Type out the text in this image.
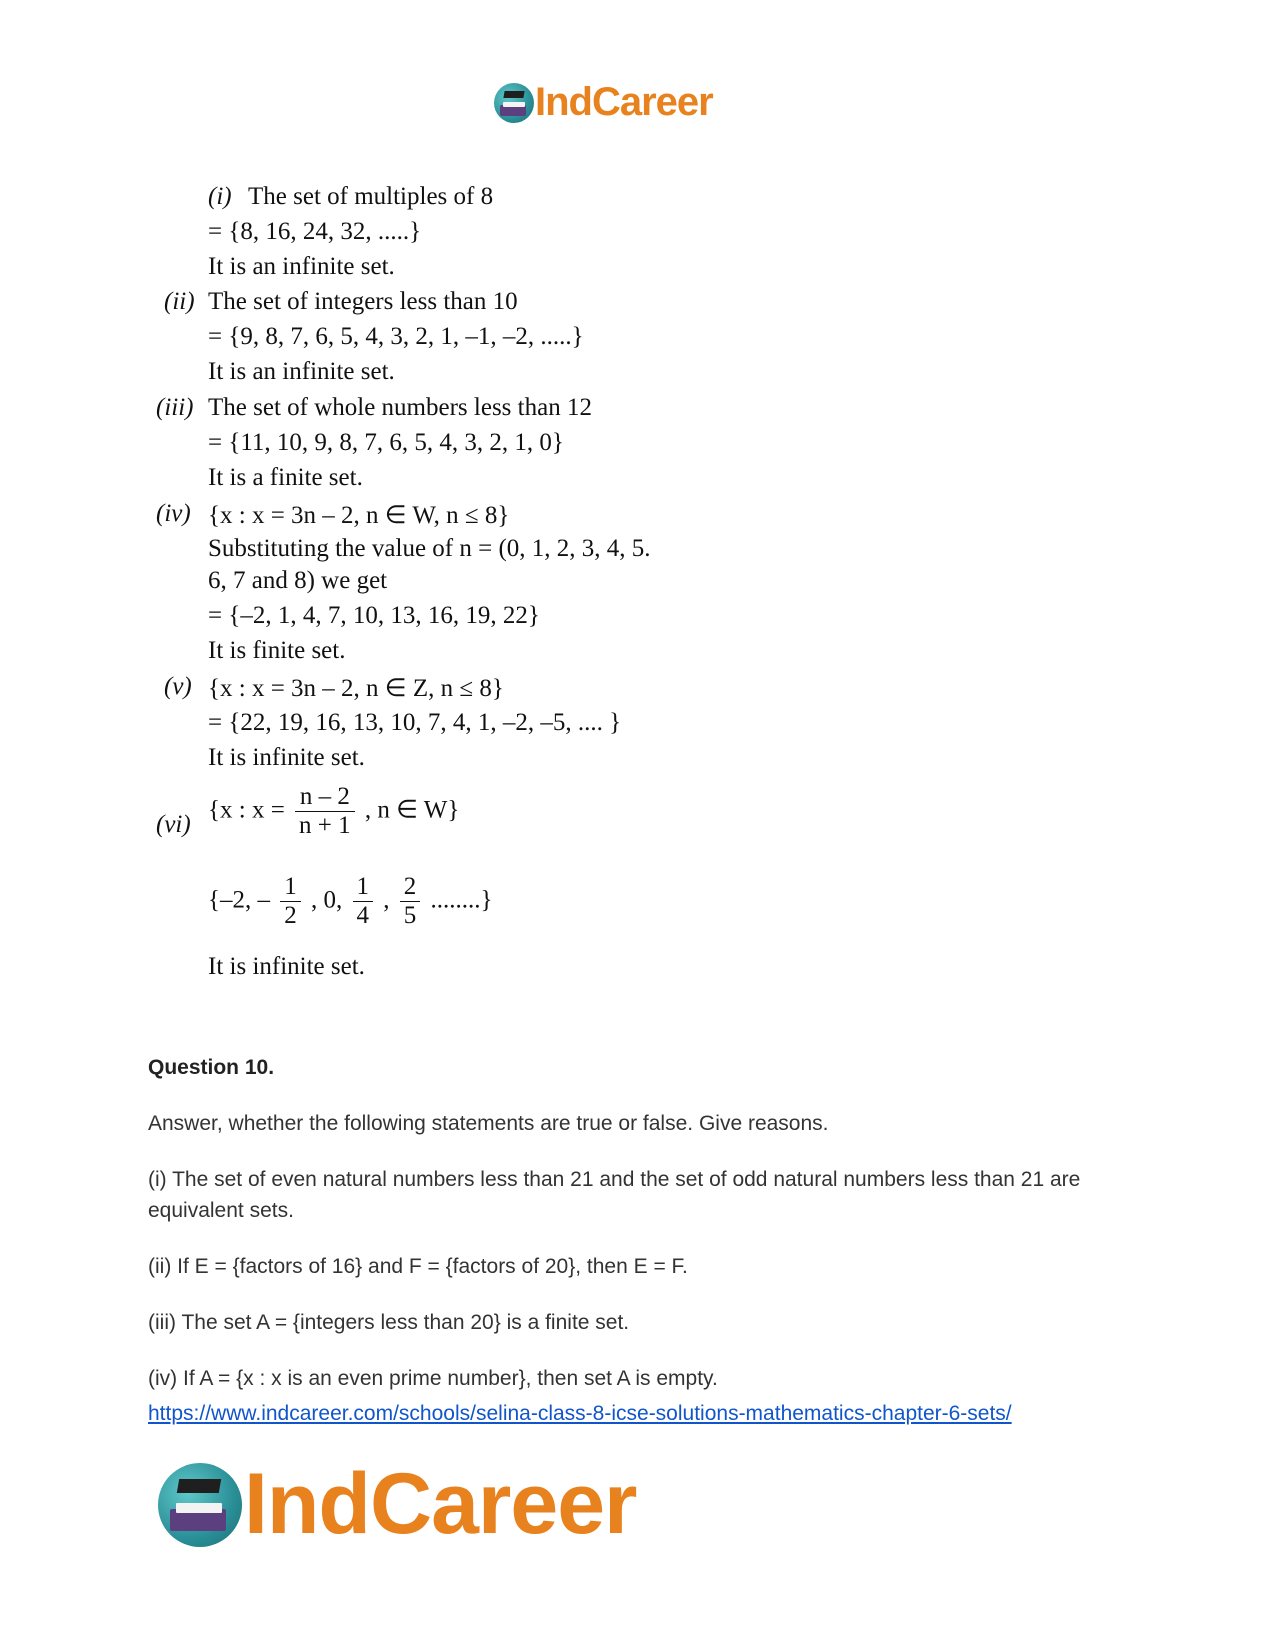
IndCareer
(i) The set of multiples of 8
= {8, 16, 24, 32, .....}
It is an infinite set.
(ii) The set of integers less than 10
= {9, 8, 7, 6, 5, 4, 3, 2, 1, –1, –2, .....}
It is an infinite set.
(iii) The set of whole numbers less than 12
= {11, 10, 9, 8, 7, 6, 5, 4, 3, 2, 1, 0}
It is a finite set.
(iv) {x : x = 3n – 2, n ∈ W, n ≤ 8}
Substituting the value of n = (0, 1, 2, 3, 4, 5.
6, 7 and 8) we get
= {–2, 1, 4, 7, 10, 13, 16, 19, 22}
It is finite set.
(v) {x : x = 3n – 2, n ∈ Z, n ≤ 8}
= {22, 19, 16, 13, 10, 7, 4, 1, –2, –5, .... }
It is infinite set.
(vi)
{x : $x = \frac{n - 2}{n + 1}$ , n ∈ W}
{–2, – $\frac{1}{2}$ , 0, $\frac{1}{4}$ , $\frac{2}{5}$ ........}
It is infinite set.
Question 10.
Answer, whether the following statements are true or false. Give reasons.
(i) The set of even natural numbers less than 21 and the set of odd natural numbers less than 21 are equivalent sets.
(ii) If E = {factors of 16} and F = {factors of 20}, then E = F.
(iii) The set A = {integers less than 20} is a finite set.
(iv) If A = {x : x is an even prime number}, then set A is empty.
https://www.indcareer.com/schools/selina-class-8-icse-solutions-mathematics-chapter-6-sets/
IndCareer
